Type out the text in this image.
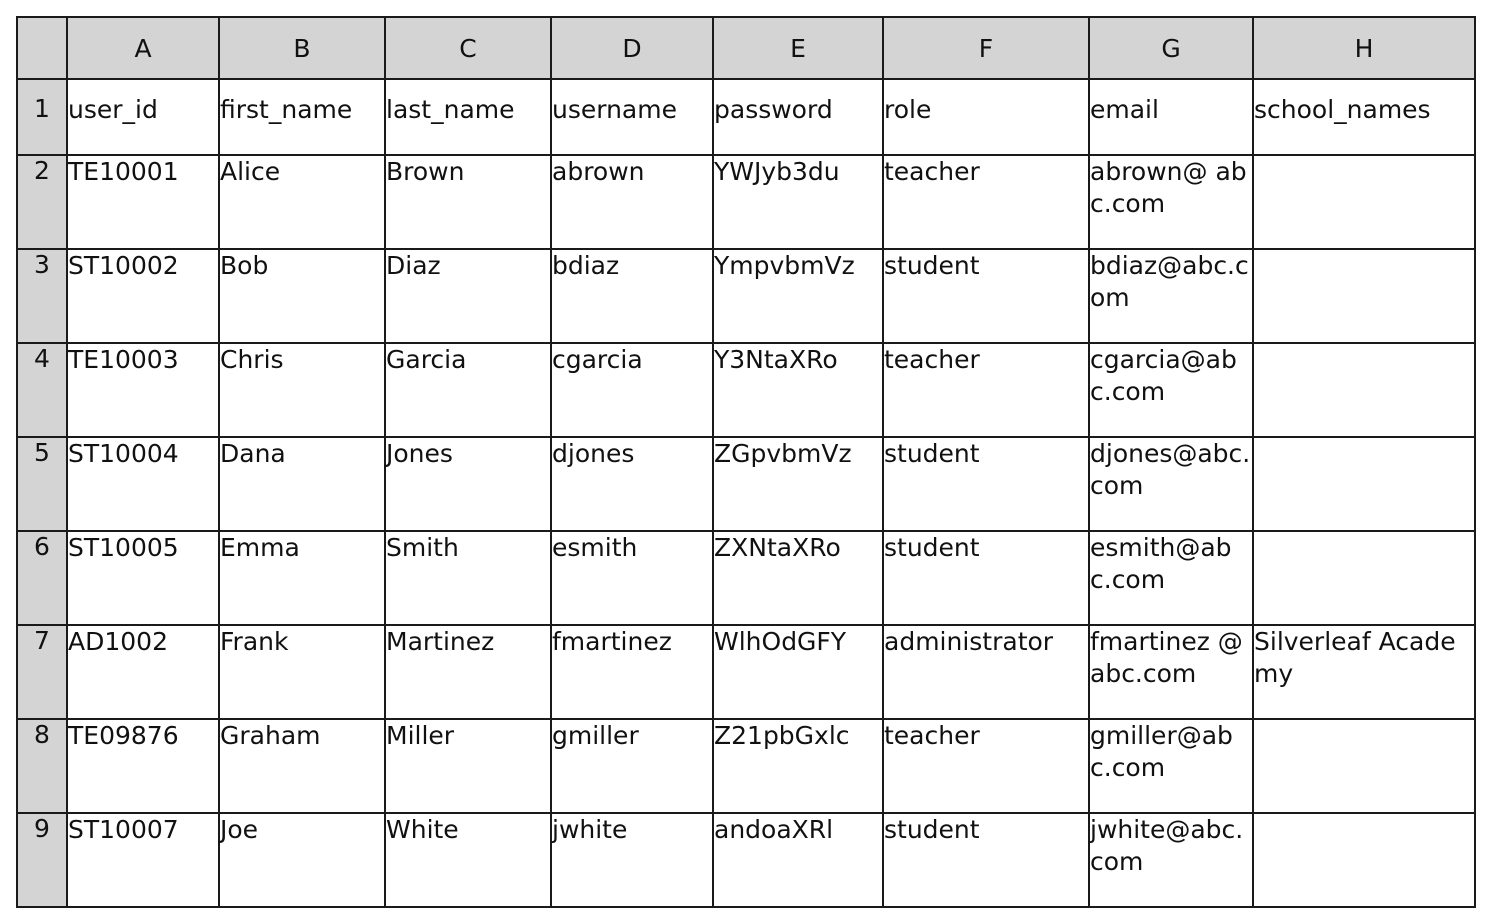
	A	B	C	D	E	F	G	H
1	user_id	first_name	last_name	username	password	role	email	school_names
2	TE10001	Alice	Brown	abrown	YWJyb3du	teacher	abrown@ abc.com	
3	ST10002	Bob	Diaz	bdiaz	YmpvbmVz	student	bdiaz@abc.com	
4	TE10003	Chris	Garcia	cgarcia	Y3NtaXRo	teacher	cgarcia@abc.com	
5	ST10004	Dana	Jones	djones	ZGpvbmVz	student	djones@abc.com	
6	ST10005	Emma	Smith	esmith	ZXNtaXRo	student	esmith@abc.com	
7	AD1002	Frank	Martinez	fmartinez	WlhOdGFY	administrator	fmartinez @abc.com	Silverleaf Academy
8	TE09876	Graham	Miller	gmiller	Z21pbGxlc	teacher	gmiller@abc.com	
9	ST10007	Joe	White	jwhite	andoaXRl	student	jwhite@abc.com	
